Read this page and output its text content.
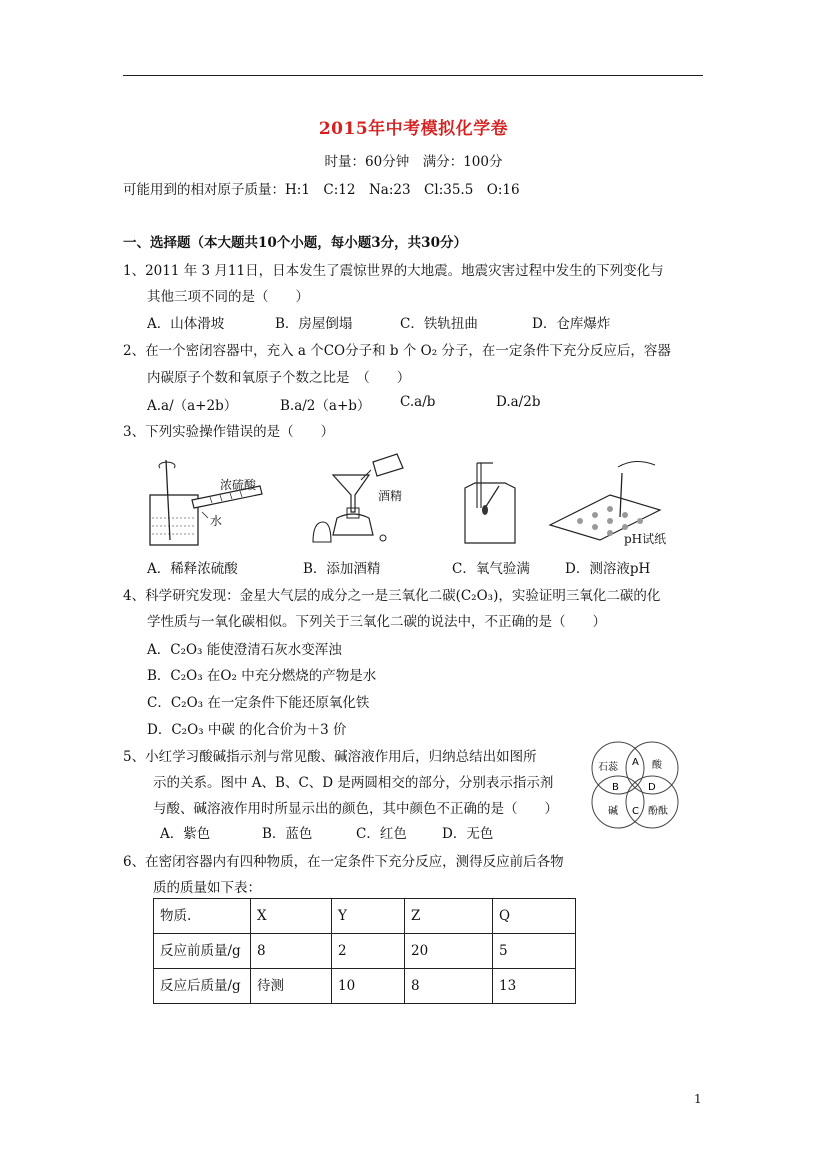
2015年中考模拟化学卷
时量：60分钟　满分：100分
可能用到的相对原子质量：H:1　C:12　Na:23　Cl:35.5　O:16
一、选择题（本大题共10个小题，每小题3分，共30分）
1、2011 年 3 月11日，日本发生了震惊世界的大地震。地震灾害过程中发生的下列变化与
其他三项不同的是（　　）
A．山体滑坡	B．房屋倒塌	C．铁轨扭曲	D．仓库爆炸
2、在一个密闭容器中，充入 a 个CO分子和 b 个 O₂ 分子，在一定条件下充分反应后，容器
内碳原子个数和氧原子个数之比是　（　　）
A.a/（a+2b）	B.a/2（a+b） C.a/b	D.a/2b
3、下列实验操作错误的是（　　）
浓硫酸
水
酒精
pH试纸
A．稀释浓硫酸	B．添加酒精	C．氧气验满	D．测溶液pH
4、科学研究发现：金星大气层的成分之一是三氧化二碳(C₂O₃)，实验证明三氧化二碳的化
学性质与一氧化碳相似。下列关于三氧化二碳的说法中，不正确的是（　　）
A．C₂O₃ 能使澄清石灰水变浑浊
B．C₂O₃ 在O₂ 中充分燃烧的产物是水
C．C₂O₃ 在一定条件下能还原氧化铁
D．C₂O₃ 中碳 的化合价为＋3 价
5、小红学习酸碱指示剂与常见酸、碱溶液作用后，归纳总结出如图所
示的关系。图中 A、B、C、D 是两圆相交的部分，分别表示指示剂
与酸、碱溶液作用时所显示出的颜色，其中颜色不正确的是（　　）
A．紫色	B．蓝色	C．红色	D．无色
石蕊	酸
碱	酚酞
A
B
C
D
6、在密闭容器内有四种物质，在一定条件下充分反应，测得反应前后各物
质的质量如下表：
物质.	X	Y	Z	Q
反应前质量/g	8	2	20	5
反应后质量/g	待测	10	8	13
1
